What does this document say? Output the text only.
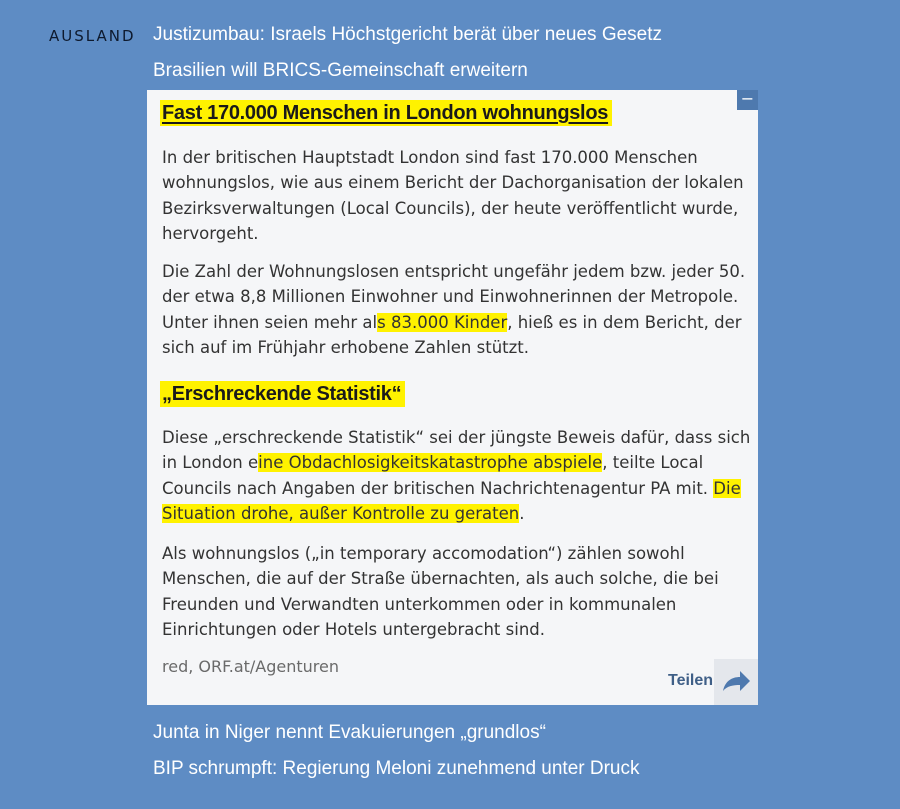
AUSLAND Justizumbau: Israels Höchstgericht berät über neues Gesetz
Brasilien will BRICS-Gemeinschaft erweitern
−
Fast 170.000 Menschen in London wohnungslos

In der britischen Hauptstadt London sind fast 170.000 Menschen wohnungslos, wie aus einem Bericht der Dachorganisation der lokalen Bezirksverwaltungen (Local Councils), der heute veröffentlicht wurde, hervorgeht.

Die Zahl der Wohnungslosen entspricht ungefähr jedem bzw. jeder 50. der etwa 8,8 Millionen Einwohner und Einwohnerinnen der Metropole. Unter ihnen seien mehr als 83.000 Kinder, hieß es in dem Bericht, der sich auf im Frühjahr erhobene Zahlen stützt.

„Erschreckende Statistik“

Diese „erschreckende Statistik“ sei der jüngste Beweis dafür, dass sich in London eine Obdachlosigkeitskatastrophe abspiele, teilte Local Councils nach Angaben der britischen Nachrichtenagentur PA mit. Die Situation drohe, außer Kontrolle zu geraten.

Als wohnungslos („in temporary accomodation“) zählen sowohl Menschen, die auf der Straße übernachten, als auch solche, die bei Freunden und Verwandten unterkommen oder in kommunalen Einrichtungen oder Hotels untergebracht sind.

red, ORF.at/Agenturen
Teilen
Junta in Niger nennt Evakuierungen „grundlos“
BIP schrumpft: Regierung Meloni zunehmend unter Druck
